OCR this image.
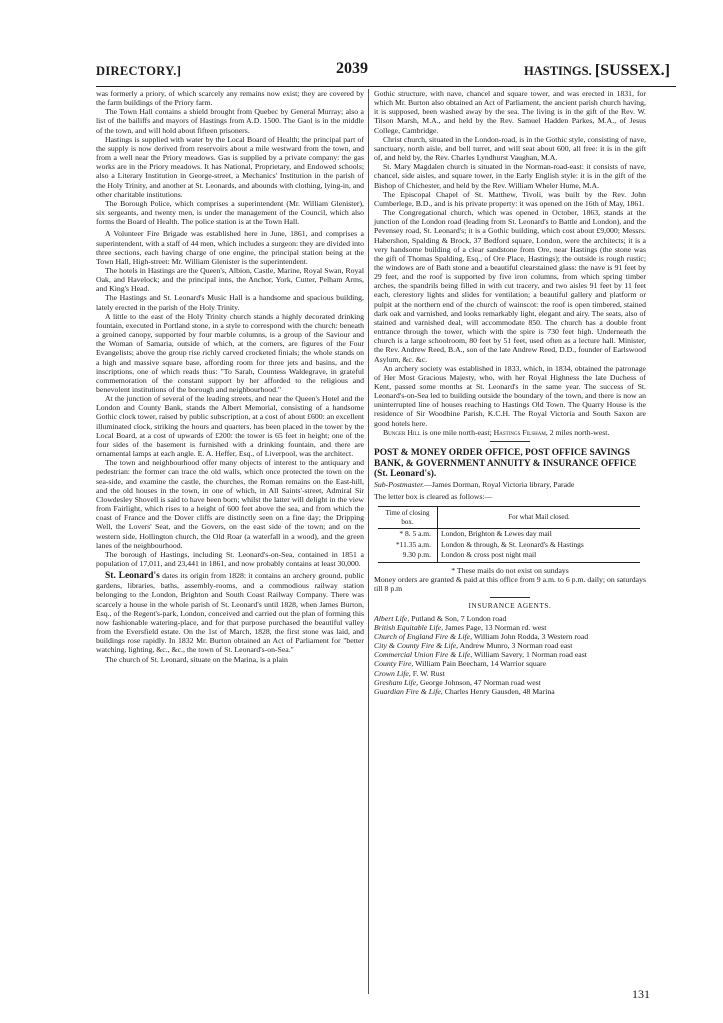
DIRECTORY.]	2039	HASTINGS. [SUSSEX.]

was formerly a priory, of which scarcely any remains now exist; they are covered by the farm buildings of the Priory farm.

The Town Hall contains a shield brought from Quebec by General Murray; also a list of the bailiffs and mayors of Hastings from A.D. 1500. The Gaol is in the middle of the town, and will hold about fifteen prisoners.

Hastings is supplied with water by the Local Board of Health; the principal part of the supply is now derived from reservoirs about a mile westward from the town, and from a well near the Priory meadows. Gas is supplied by a private company: the gas works are in the Priory meadows. It has National, Proprietary, and Endowed schools; also a Literary Institution in George-street, a Mechanics' Institution in the parish of the Holy Trinity, and another at St. Leonards, and abounds with clothing, lying-in, and other charitable institutions.

The Borough Police, which comprises a superintendent (Mr. William Glenister), six sergeants, and twenty men, is under the management of the Council, which also forms the Board of Health. The police station is at the Town Hall.

A Volunteer Fire Brigade was established here in June, 1861, and comprises a superintendent, with a staff of 44 men, which includes a surgeon: they are divided into three sections, each having charge of one engine, the principal station being at the Town Hall, High-street: Mr. William Glenister is the superintendent.

The hotels in Hastings are the Queen's, Albion, Castle, Marine, Royal Swan, Royal Oak, and Havelock; and the principal inns, the Anchor, York, Cutter, Pelham Arms, and King's Head.

The Hastings and St. Leonard's Music Hall is a handsome and spacious building, lately erected in the parish of the Holy Trinity.

A little to the east of the Holy Trinity church stands a highly decorated drinking fountain, executed in Portland stone, in a style to correspond with the church: beneath a groined canopy, supported by four marble columns, is a group of the Saviour and the Woman of Samaria, outside of which, at the corners, are figures of the Four Evangelists; above the group rise richly carved crocketed finials; the whole stands on a high and massive square base, affording room for three jets and basins, and the inscriptions, one of which reads thus: "To Sarah, Countess Waldegrave, in grateful commemoration of the constant support by her afforded to the religious and benevolent institutions of the borough and neighbourhood."

At the junction of several of the leading streets, and near the Queen's Hotel and the London and County Bank, stands the Albert Memorial, consisting of a handsome Gothic clock tower, raised by public subscription, at a cost of about £600: an excellent illuminated clock, striking the hours and quarters, has been placed in the tower by the Local Board, at a cost of upwards of £200: the tower is 65 feet in height; one of the four sides of the basement is furnished with a drinking fountain, and there are ornamental lamps at each angle. E. A. Heffer, Esq., of Liverpool, was the architect.

The town and neighbourhood offer many objects of interest to the antiquary and pedestrian: the former can trace the old walls, which once protected the town on the sea-side, and examine the castle, the churches, the Roman remains on the East-hill, and the old houses in the town, in one of which, in All Saints'-street, Admiral Sir Clowdesley Shovell is said to have been born; whilst the latter will delight in the view from Fairlight, which rises to a height of 600 feet above the sea, and from which the coast of France and the Dover cliffs are distinctly seen on a fine day; the Dripping Well, the Lovers' Seat, and the Govers, on the east side of the town; and on the western side, Hollington church, the Old Roar (a waterfall in a wood), and the green lanes of the neighbourhood.

The borough of Hastings, including St. Leonard's-on-Sea, contained in 1851 a population of 17,011, and 23,441 in 1861, and now probably contains at least 30,000.

St. Leonard's dates its origin from 1828: it contains an archery ground, public gardens, libraries, baths, assembly-rooms, and a commodious railway station belonging to the London, Brighton and South Coast Railway Company. There was scarcely a house in the whole parish of St. Leonard's until 1828, when James Burton, Esq., of the Regent's-park, London, conceived and carried out the plan of forming this now fashionable watering-place, and for that purpose purchased the beautiful valley from the Eversfield estate. On the 1st of March, 1828, the first stone was laid, and buildings rose rapidly. In 1832 Mr. Burton obtained an Act of Parliament for "better watching, lighting, &c., &c., the town of St. Leonard's-on-Sea."

The church of St. Leonard, situate on the Marina, is a plain

Gothic structure, with nave, chancel and square tower, and was erected in 1831, for which Mr. Burton also obtained an Act of Parliament, the ancient parish church having, it is supposed, been washed away by the sea. The living is in the gift of the Rev. W. Tilson Marsh, M.A., and held by the Rev. Samuel Hadden Parkes, M.A., of Jesus College, Cambridge.

Christ church, situated in the London-road, is in the Gothic style, consisting of nave, sanctuary, north aisle, and bell turret, and will seat about 600, all free: it is in the gift of, and held by, the Rev. Charles Lyndhurst Vaughan, M.A.

St. Mary Magdalen church is situated in the Norman-road-east: it consists of nave, chancel, side aisles, and square tower, in the Early English style: it is in the gift of the Bishop of Chichester, and held by the Rev. William Wheler Hume, M.A.

The Episcopal Chapel of St. Matthew, Tivoli, was built by the Rev. John Cumberlege, B.D., and is his private property: it was opened on the 16th of May, 1861.

The Congregational church, which was opened in October, 1863, stands at the junction of the London road (leading from St. Leonard's to Battle and London), and the Pevensey road, St. Leonard's; it is a Gothic building, which cost about £9,000; Messrs. Habershon, Spalding & Brock, 37 Bedford square, London, were the architects; it is a very handsome building of a clear sandstone from Ore, near Hastings (the stone was the gift of Thomas Spalding, Esq., of Ore Place, Hastings); the outside is rough rustic; the windows are of Bath stone and a beautiful clearstained glass: the nave is 91 feet by 29 feet, and the roof is supported by five iron columns, from which spring timber arches, the spandrils being filled in with cut tracery, and two aisles 91 feet by 11 feet each, clerestory lights and slides for ventilation; a beautiful gallery and platform or pulpit at the northern end of the church of wainscot: the roof is open timbered, stained dark oak and varnished, and looks remarkably light, elegant and airy. The seats, also of stained and varnished deal, will accommodate 850. The church has a double front entrance through the tower, which with the spire is 730 feet high. Underneath the church is a large schoolroom, 80 feet by 51 feet, used often as a lecture hall. Minister, the Rev. Andrew Reed, B.A., son of the late Andrew Reed, D.D., founder of Earlswood Asylum, &c. &c.

An archery society was established in 1833, which, in 1834, obtained the patronage of Her Most Gracious Majesty, who, with her Royal Highness the late Duchess of Kent, passed some months at St. Leonard's in the same year. The success of St. Leonard's-on-Sea led to building outside the boundary of the town, and there is now an uninterrupted line of houses reaching to Hastings Old Town. The Quarry House is the residence of Sir Woodbine Parish, K.C.H. The Royal Victoria and South Saxon are good hotels here.

Bunger Hill is one mile north-east; Hastings Filsham, 2 miles north-west.

POST & MONEY ORDER OFFICE, POST OFFICE SAVINGS BANK, & GOVERNMENT ANNUITY & INSURANCE OFFICE (St. Leonard's).

Sub-Postmaster.—James Dorman, Royal Victoria library, Parade

The letter box is cleared as follows:—

Time of closing box.	For what Mail closed.
* 8. 5 a.m.	London, Brighton & Lewes day mail
*11.35 a.m.	London & through, & St. Leonard's & Hastings
9.30 p.m.	London & cross post night mail

* These mails do not exist on sundays

Money orders are granted & paid at this office from 9 a.m. to 6 p.m. daily; on saturdays till 8 p.m

INSURANCE AGENTS.

Albert Life, Putland & Son, 7 London road

British Equitable Life, James Page, 13 Norman rd. west

Church of England Fire & Life, William John Rodda, 3 Western road

City & County Fire & Life, Andrew Munro, 3 Norman road east

Commercial Union Fire & Life, William Savery, 1 Norman road east

County Fire, William Pain Beecham, 14 Warrior square

Crown Life, F. W. Rust

Gresham Life, George Johnson, 47 Norman road west

Guardian Fire & Life, Charles Henry Gausden, 48 Marina

131
